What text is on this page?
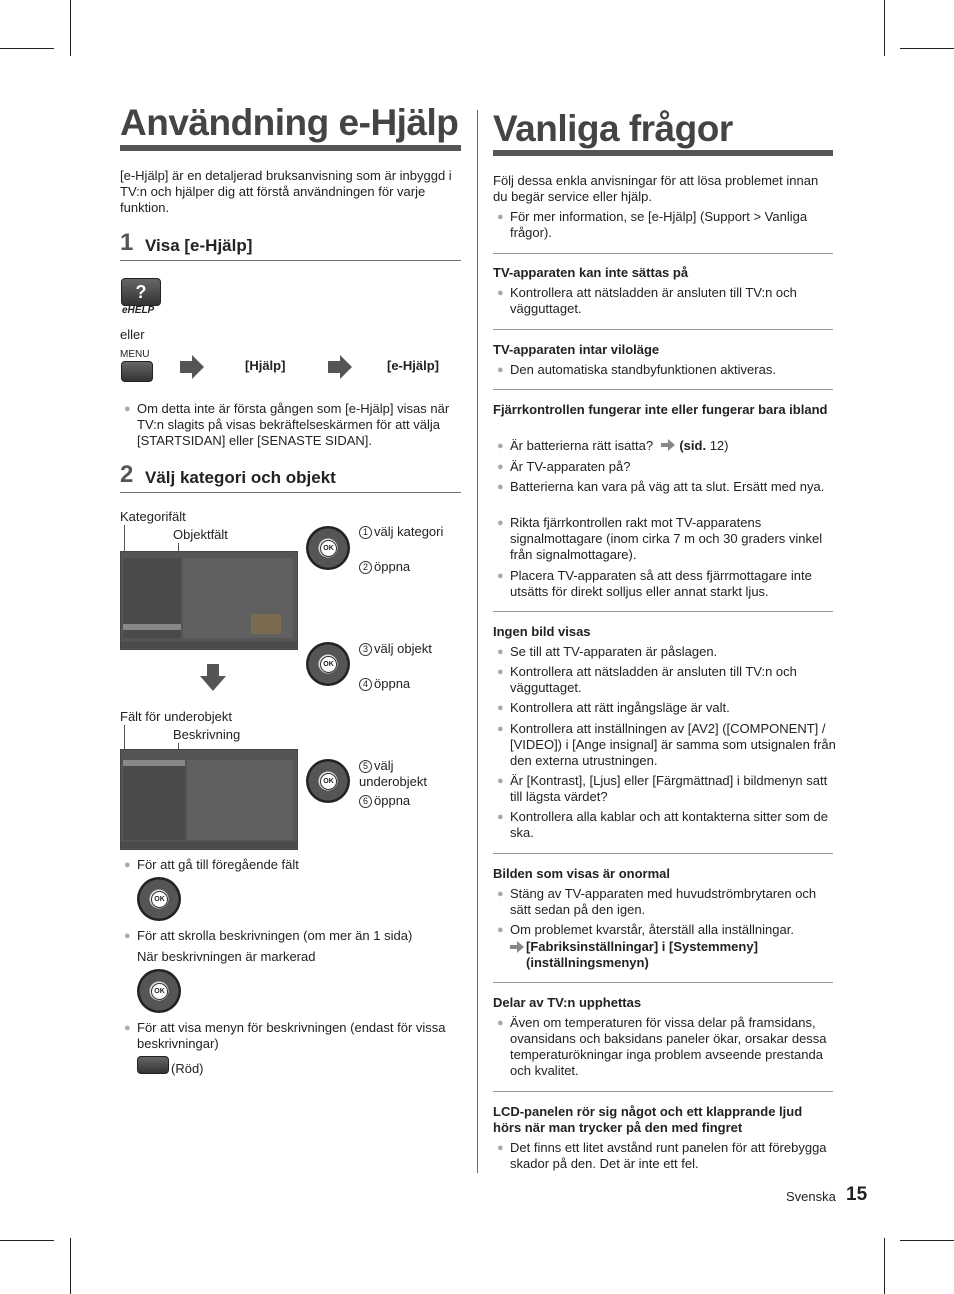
Användning e-Hjälp

[e-Hjälp] är en detaljerad bruksanvisning som är inbyggd i TV:n och hjälper dig att förstå användningen för varje funktion.

1 Visa [e-Hjälp]
?
eHELP
eller
MENU
[Hjälp]	[e-Hjälp]
● Om detta inte är första gången som [e-Hjälp] visas när TV:n slagits på visas bekräftelseskärmen för att välja [STARTSIDAN] eller [SENASTE SIDAN].
2 Välj kategori och objekt
Kategorifält
Objektfält
OK
1 välj kategori
2 öppna
OK
3 välj objekt
4 öppna
Fält för underobjekt
Beskrivning
OK
5 välj underobjekt
6 öppna
● För att gå till föregående fält
OK
● För att skrolla beskrivningen (om mer än 1 sida)

När beskrivningen är markerad

OK
● För att visa menyn för beskrivningen (endast för vissa beskrivningar)
(Röd)
Vanliga frågor

Följ dessa enkla anvisningar för att lösa problemet innan du begär service eller hjälp.

● För mer information, se [e-Hjälp] (Support > Vanliga frågor).
TV-apparaten kan inte sättas på
● Kontrollera att nätsladden är ansluten till TV:n och vägguttaget.
TV-apparaten intar viloläge
● Den automatiska standbyfunktionen aktiveras.
Fjärrkontrollen fungerar inte eller fungerar bara ibland
● Är batterierna rätt isatta? (sid. 12)
● Är TV-apparaten på?
● Batterierna kan vara på väg att ta slut. Ersätt med nya.
● Rikta fjärrkontrollen rakt mot TV-apparatens signalmottagare (inom cirka 7 m och 30 graders vinkel från signalmottagare).
● Placera TV-apparaten så att dess fjärrmottagare inte utsätts för direkt solljus eller annat starkt ljus.
Ingen bild visas
● Se till att TV-apparaten är påslagen.
● Kontrollera att nätsladden är ansluten till TV:n och vägguttaget.
● Kontrollera att rätt ingångsläge är valt.
● Kontrollera att inställningen av [AV2] ([COMPONENT] / [VIDEO]) i [Ange insignal] är samma som utsignalen från den externa utrustningen.
● Är [Kontrast], [Ljus] eller [Färgmättnad] i bildmenyn satt till lägsta värdet?
● Kontrollera alla kablar och att kontakterna sitter som de ska.
Bilden som visas är onormal
● Stäng av TV-apparaten med huvudströmbrytaren och sätt sedan på den igen.
● Om problemet kvarstår, återställ alla inställningar.
[Fabriksinställningar] i [Systemmeny] (inställningsmenyn)
Delar av TV:n upphettas
● Även om temperaturen för vissa delar på framsidans, ovansidans och baksidans paneler ökar, orsakar dessa temperaturökningar inga problem avseende prestanda och kvalitet.
LCD-panelen rör sig något och ett klapprande ljud hörs när man trycker på den med fingret
● Det finns ett litet avstånd runt panelen för att förebygga skador på den. Det är inte ett fel.
Svenska 15
